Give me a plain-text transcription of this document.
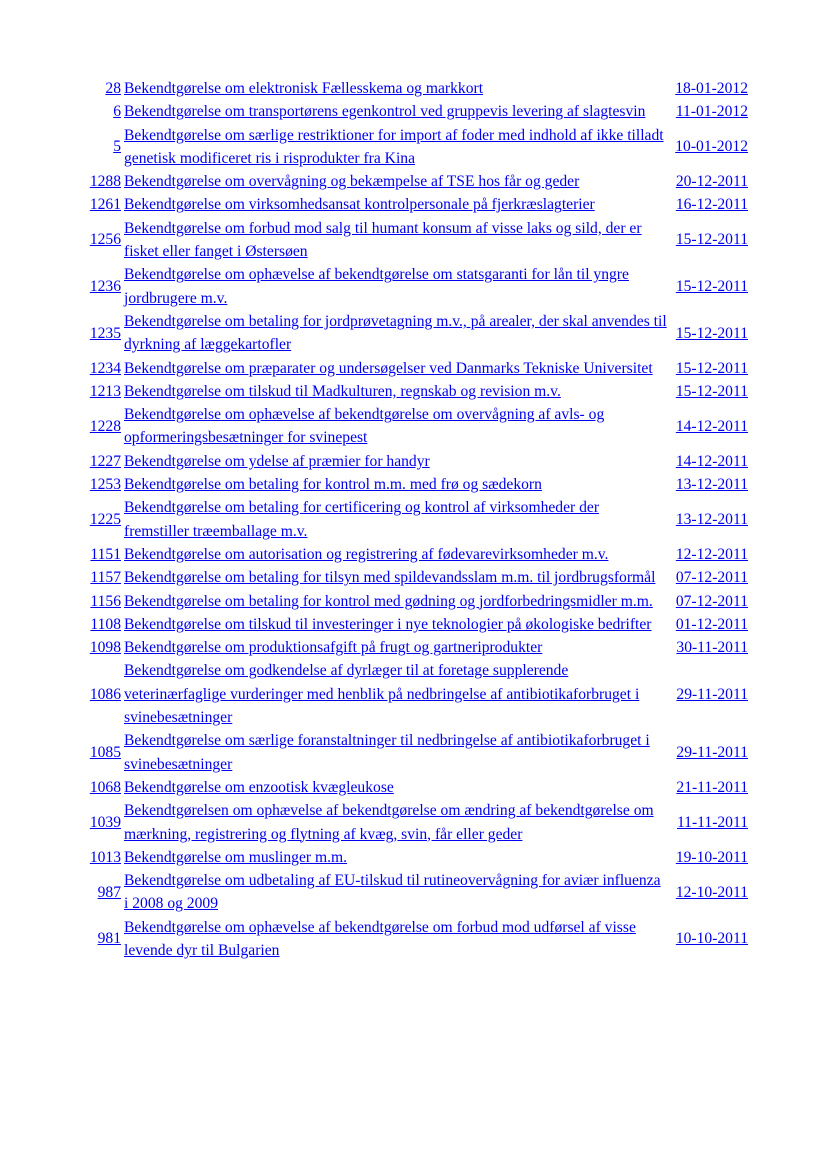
28	Bekendtgørelse om elektronisk Fællesskema og markkort	18-01-2012
6	Bekendtgørelse om transportørens egenkontrol ved gruppevis levering af slagtesvin	11-01-2012
5	Bekendtgørelse om særlige restriktioner for import af foder med indhold af ikke tilladt genetisk modificeret ris i risprodukter fra Kina	10-01-2012
1288	Bekendtgørelse om overvågning og bekæmpelse af TSE hos får og geder	20-12-2011
1261	Bekendtgørelse om virksomhedsansat kontrolpersonale på fjerkræslagterier	16-12-2011
1256	Bekendtgørelse om forbud mod salg til humant konsum af visse laks og sild, der er fisket eller fanget i Østersøen	15-12-2011
1236	Bekendtgørelse om ophævelse af bekendtgørelse om statsgaranti for lån til yngre jordbrugere m.v.	15-12-2011
1235	Bekendtgørelse om betaling for jordprøvetagning m.v., på arealer, der skal anvendes til dyrkning af læggekartofler	15-12-2011
1234	Bekendtgørelse om præparater og undersøgelser ved Danmarks Tekniske Universitet	15-12-2011
1213	Bekendtgørelse om tilskud til Madkulturen, regnskab og revision m.v.	15-12-2011
1228	Bekendtgørelse om ophævelse af bekendtgørelse om overvågning af avls- og opformeringsbesætninger for svinepest	14-12-2011
1227	Bekendtgørelse om ydelse af præmier for handyr	14-12-2011
1253	Bekendtgørelse om betaling for kontrol m.m. med frø og sædekorn	13-12-2011
1225	Bekendtgørelse om betaling for certificering og kontrol af virksomheder der fremstiller træemballage m.v.	13-12-2011
1151	Bekendtgørelse om autorisation og registrering af fødevarevirksomheder m.v.	12-12-2011
1157	Bekendtgørelse om betaling for tilsyn med spildevandsslam m.m. til jordbrugsformål	07-12-2011
1156	Bekendtgørelse om betaling for kontrol med gødning og jordforbedringsmidler m.m.	07-12-2011
1108	Bekendtgørelse om tilskud til investeringer i nye teknologier på økologiske bedrifter	01-12-2011
1098	Bekendtgørelse om produktionsafgift på frugt og gartneriprodukter	30-11-2011
1086	Bekendtgørelse om godkendelse af dyrlæger til at foretage supplerende veterinærfaglige vurderinger med henblik på nedbringelse af antibiotikaforbruget i svinebesætninger	29-11-2011
1085	Bekendtgørelse om særlige foranstaltninger til nedbringelse af antibiotikaforbruget i svinebesætninger	29-11-2011
1068	Bekendtgørelse om enzootisk kvægleukose	21-11-2011
1039	Bekendtgørelsen om ophævelse af bekendtgørelse om ændring af bekendtgørelse om mærkning, registrering og flytning af kvæg, svin, får eller geder	11-11-2011
1013	Bekendtgørelse om muslinger m.m.	19-10-2011
987	Bekendtgørelse om udbetaling af EU-tilskud til rutineovervågning for aviær influenza i 2008 og 2009	12-10-2011
981	Bekendtgørelse om ophævelse af bekendtgørelse om forbud mod udførsel af visse levende dyr til Bulgarien	10-10-2011
